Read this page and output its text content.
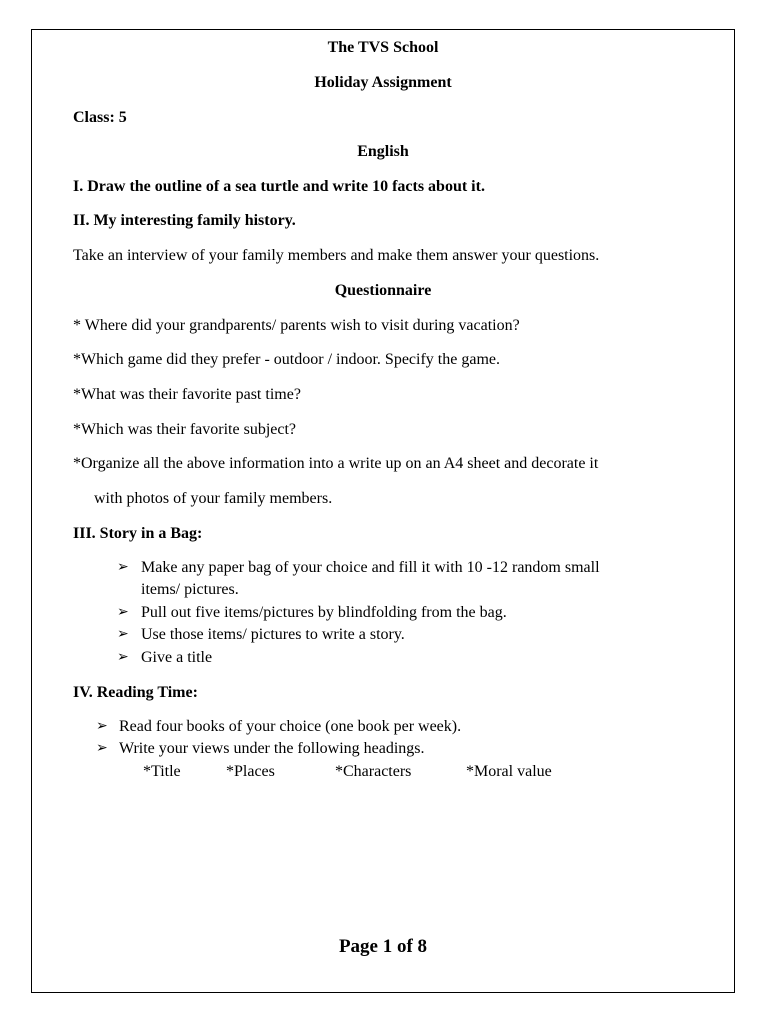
The TVS School
Holiday Assignment
Class: 5
English
I. Draw the outline of a sea turtle and write 10 facts about it.
II. My interesting family history.
Take an interview of your family members and make them answer your questions.
Questionnaire
* Where did your grandparents/ parents wish to visit during vacation?
*Which game did they prefer - outdoor / indoor. Specify the game.
*What was their favorite past time?
*Which was their favorite subject?
*Organize all the above information into a write up on an A4 sheet and decorate it
with photos of your family members.
III. Story in a Bag:
➢ Make any paper bag of your choice and fill it with 10 -12 random small
items/ pictures.
➢ Pull out five items/pictures by blindfolding from the bag.
➢ Use those items/ pictures to write a story.
➢ Give a title
IV. Reading Time:
➢ Read four books of your choice (one book per week).
➢ Write your views under the following headings.
*Title	*Places	*Characters	*Moral value
Page 1 of 8
